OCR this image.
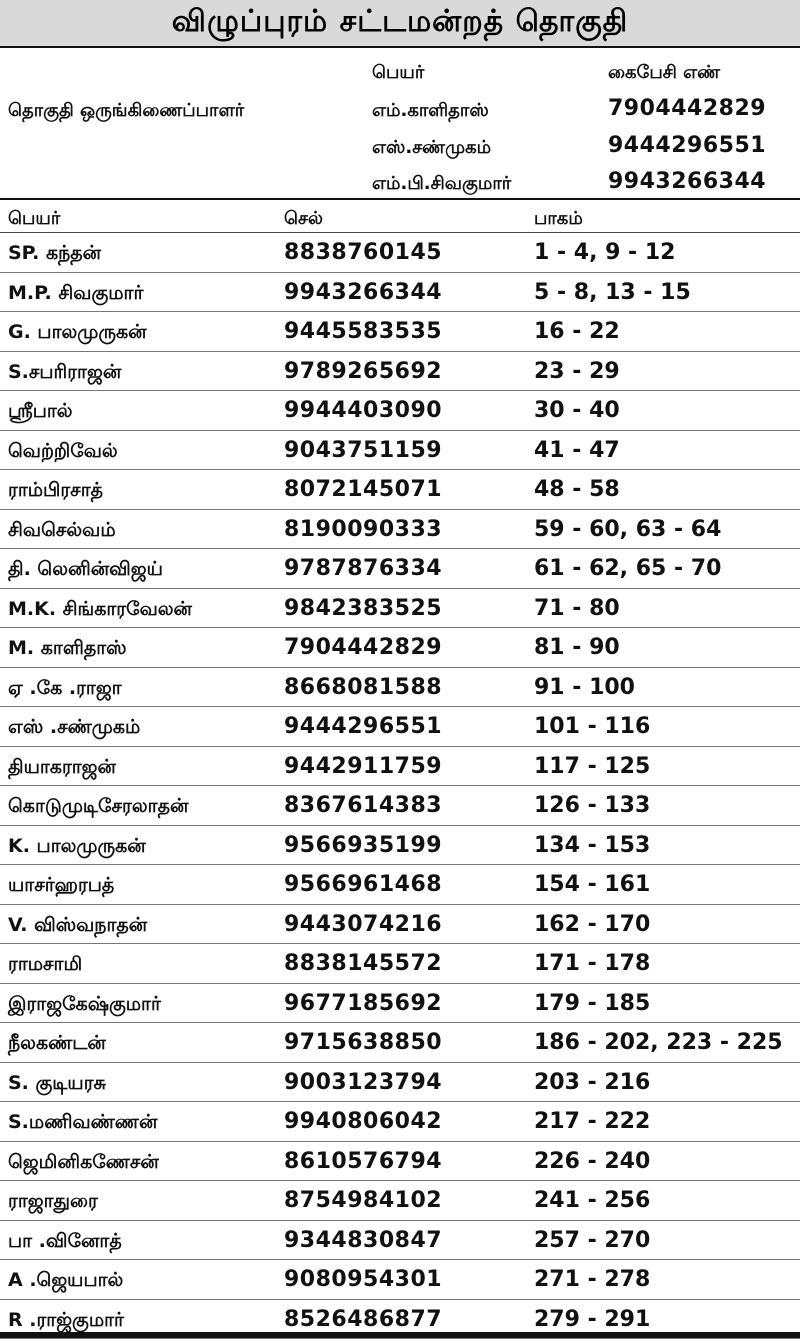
விழுப்புரம் சட்டமன்றத் தொகுதி
பெயர்	கைபேசி எண்
தொகுதி ஒருங்கிணைப்பாளர்	எம்.காளிதாஸ்	7904442829
எஸ்.சண்முகம்	9444296551
எம்.பி.சிவகுமார்	9943266344
பெயர்	செல்	பாகம்
SP. கந்தன்	8838760145	1 - 4, 9 - 12
M.P. சிவகுமார்	9943266344	5 - 8, 13 - 15
G. பாலமுருகன்	9445583535	16 - 22
S.சபரிராஜன்	9789265692	23 - 29
ஸ்ரீபால்	9944403090	30 - 40
வெற்றிவேல்	9043751159	41 - 47
ராம்பிரசாத்	8072145071	48 - 58
சிவசெல்வம்	8190090333	59 - 60, 63 - 64
தி. லெனின்விஜய்	9787876334	61 - 62, 65 - 70
M.K. சிங்காரவேலன்	9842383525	71 - 80
M. காளிதாஸ்	7904442829	81 - 90
ஏ .கே .ராஜா	8668081588	91 - 100
எஸ் .சண்முகம்	9444296551	101 - 116
தியாகராஜன்	9442911759	117 - 125
கொடுமுடிசேரலாதன்	8367614383	126 - 133
K. பாலமுருகன்	9566935199	134 - 153
யாசர்ஹரபத்	9566961468	154 - 161
V. விஸ்வநாதன்	9443074216	162 - 170
ராமசாமி	8838145572	171 - 178
இராஜகேஷ்குமார்	9677185692	179 - 185
நீலகண்டன்	9715638850	186 - 202, 223 - 225
S. குடியரசு	9003123794	203 - 216
S.மணிவண்ணன்	9940806042	217 - 222
ஜெமினிகணேசன்	8610576794	226 - 240
ராஜாதுரை	8754984102	241 - 256
பா .வினோத்	9344830847	257 - 270
A .ஜெயபால்	9080954301	271 - 278
R .ராஜ்குமார்	8526486877	279 - 291
